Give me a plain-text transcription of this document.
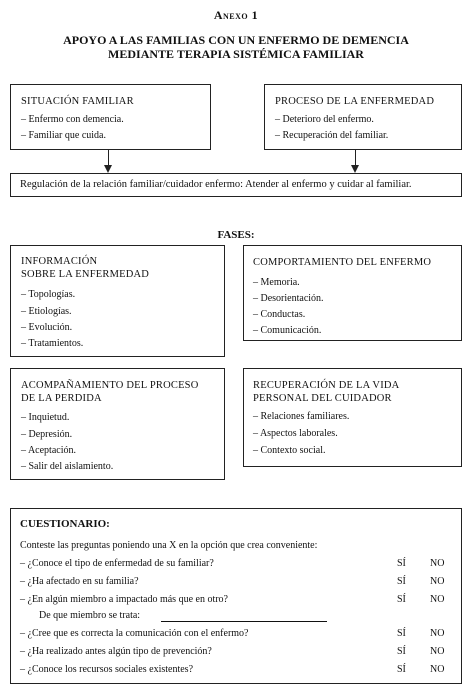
Anexo 1
APOYO A LAS FAMILIAS CON UN ENFERMO DE DEMENCIA
MEDIANTE TERAPIA SISTÉMICA FAMILIAR
SITUACIÓN FAMILIAR
– Enfermo con demencia.
– Familiar que cuida.
PROCESO DE LA ENFERMEDAD
– Deterioro del enfermo.
– Recuperación del familiar.
Regulación de la relación familiar/cuidador enfermo: Atender al enfermo y cuidar al familiar.
FASES:
INFORMACIÓN
SOBRE LA ENFERMEDAD
– Topologías.
– Etiologías.
– Evolución.
– Tratamientos.
COMPORTAMIENTO DEL ENFERMO
– Memoria.
– Desorientación.
– Conductas.
– Comunicación.
ACOMPAÑAMIENTO DEL PROCESO
DE LA PERDIDA
– Inquietud.
– Depresión.
– Aceptación.
– Salir del aislamiento.
RECUPERACIÓN DE LA VIDA
PERSONAL DEL CUIDADOR
– Relaciones familiares.
– Aspectos laborales.
– Contexto social.
CUESTIONARIO:
Conteste las preguntas poniendo una X en la opción que crea conveniente:
– ¿Conoce el tipo de enfermedad de su familiar?	SÍ NO
– ¿Ha afectado en su familia?	SÍ NO
– ¿En algún miembro a impactado más que en otro?	SÍ NO
De que miembro se trata:
– ¿Cree que es correcta la comunicación con el enfermo?	SÍ NO
– ¿Ha realizado antes algún tipo de prevención?	SÍ NO
– ¿Conoce los recursos sociales existentes?	SÍ NO
